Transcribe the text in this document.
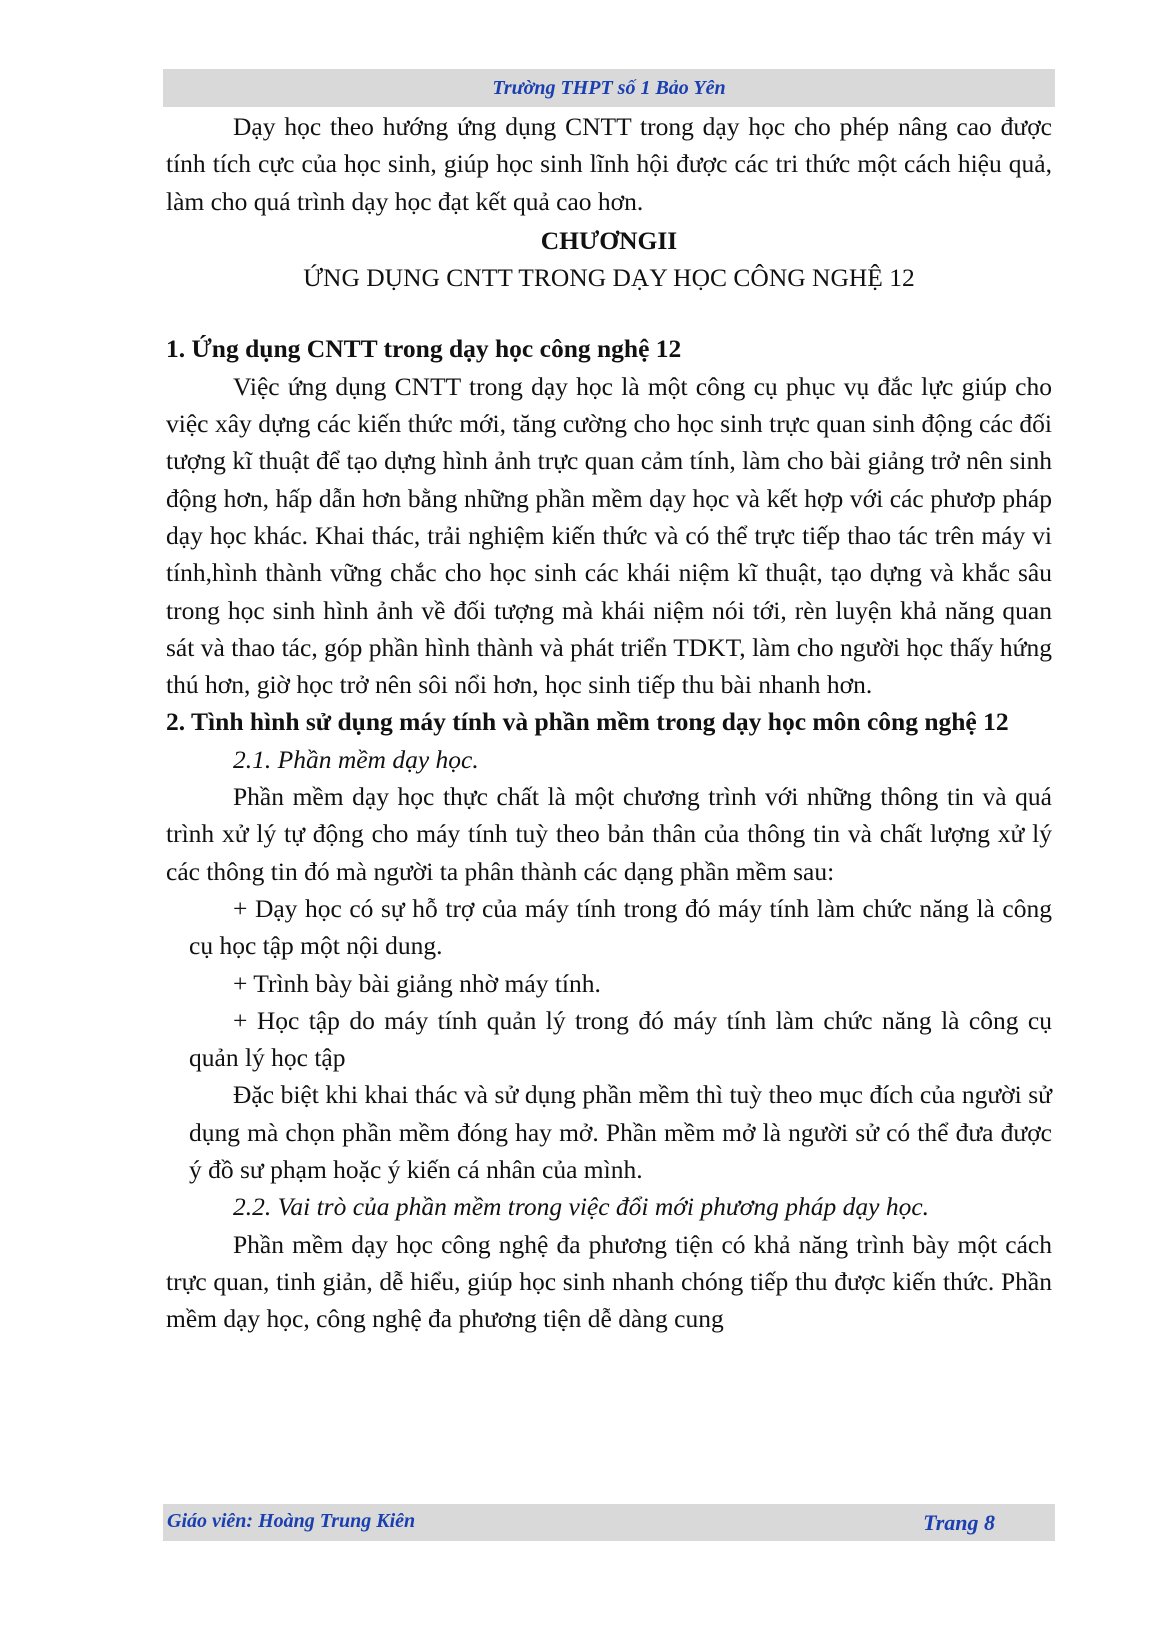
Trường THPT số 1 Bảo Yên

Dạy học theo hướng ứng dụng CNTT trong dạy học cho phép nâng cao được tính tích cực của học sinh, giúp học sinh lĩnh hội được các tri thức một cách hiệu quả, làm cho quá trình dạy học đạt kết quả cao hơn.

CHƯƠNGII

ỨNG DỤNG CNTT TRONG DẠY HỌC CÔNG NGHỆ 12

1. Ứng dụng CNTT trong dạy học công nghệ 12

Việc ứng dụng CNTT trong dạy học là một công cụ phục vụ đắc lực giúp cho việc xây dựng các kiến thức mới, tăng cường cho học sinh trực quan sinh động các đối tượng kĩ thuật để tạo dựng hình ảnh trực quan cảm tính, làm cho bài giảng trở nên sinh động hơn, hấp dẫn hơn bằng những phần mềm dạy học và kết hợp với các phươp pháp dạy học khác. Khai thác, trải nghiệm kiến thức và có thể trực tiếp thao tác trên máy vi tính,hình thành vững chắc cho học sinh các khái niệm kĩ thuật, tạo dựng và khắc sâu trong học sinh hình ảnh về đối tượng mà khái niệm nói tới, rèn luyện khả năng quan sát và thao tác, góp phần hình thành và phát triển TDKT, làm cho người học thấy hứng thú hơn, giờ học trở nên sôi nổi hơn, học sinh tiếp thu bài nhanh hơn.

2. Tình hình sử dụng máy tính và phần mềm trong dạy học môn công nghệ 12

2.1. Phần mềm dạy học.

Phần mềm dạy học thực chất là một chương trình với những thông tin và quá trình xử lý tự động cho máy tính tuỳ theo bản thân của thông tin và chất lượng xử lý các thông tin đó mà người ta phân thành các dạng phần mềm sau:

+ Dạy học có sự hỗ trợ của máy tính trong đó máy tính làm chức năng là công cụ học tập một nội dung.

+ Trình bày bài giảng nhờ máy tính.

+ Học tập do máy tính quản lý trong đó máy tính làm chức năng là công cụ quản lý học tập

Đặc biệt khi khai thác và sử dụng phần mềm thì tuỳ theo mục đích của người sử dụng mà chọn phần mềm đóng hay mở. Phần mềm mở là người sử có thể đưa được ý đồ sư phạm hoặc ý kiến cá nhân của mình.

2.2. Vai trò của phần mềm trong việc đổi mới phương pháp dạy học.

Phần mềm dạy học công nghệ đa phương tiện có khả năng trình bày một cách trực quan, tinh giản, dễ hiểu, giúp học sinh nhanh chóng tiếp thu được kiến thức. Phần mềm dạy học, công nghệ đa phương tiện dễ dàng cung

Giáo viên: Hoàng Trung Kiên	Trang 8
